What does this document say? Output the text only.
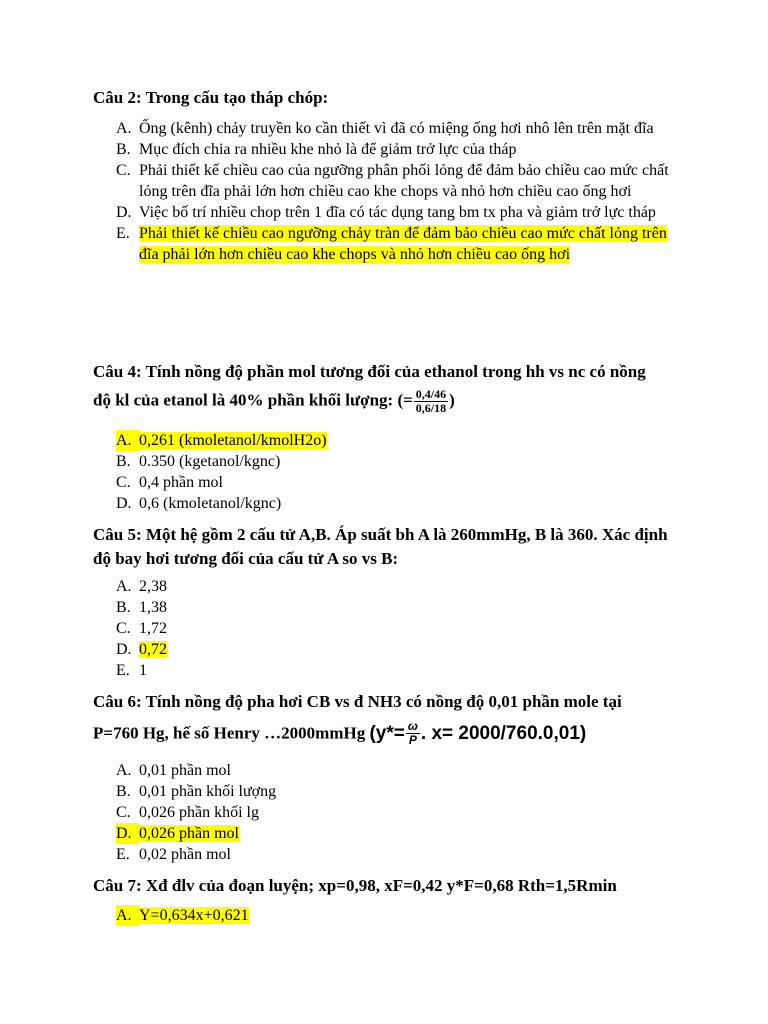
Câu 2: Trong cấu tạo tháp chóp:
A. Ống (kênh) chảy truyền ko cần thiết vì đã có miệng ống hơi nhô lên trên mặt đĩa
B. Mục đích chia ra nhiều khe nhỏ là để giảm trở lực của tháp
C. Phải thiết kế chiều cao của ngưỡng phân phối lỏng để đảm bảo chiều cao mức chất lỏng trên đĩa phải lớn hơn chiều cao khe chops và nhỏ hơn chiều cao ống hơi
D. Việc bố trí nhiều chop trên 1 đĩa có tác dụng tang bm tx pha và giảm trở lực tháp
E. Phải thiết kế chiều cao ngưỡng chảy tràn để đảm bảo chiều cao mức chất lỏng trên đĩa phải lớn hơn chiều cao khe chops và nhỏ hơn chiều cao ống hơi
Câu 4: Tính nồng độ phần mol tương đối của ethanol trong hh vs nc có nồng
độ kl của etanol là 40% phần khối lượng: (= $\frac{0,4/46}{0,6/18}$ )
A. 0,261 (kmoletanol/kmolH2o)
B. 0.350 (kgetanol/kgnc)
C. 0,4 phần mol
D. 0,6 (kmoletanol/kgnc)
Câu 5: Một hệ gồm 2 cấu tử A,B. Áp suất bh A là 260mmHg, B là 360. Xác định độ bay hơi tương đối của cấu tử A so vs B:
A. 2,38
B. 1,38
C. 1,72
D. 0,72
E. 1
Câu 6: Tính nồng độ pha hơi CB vs đ NH3 có nồng độ 0,01 phần mole tại
P=760 Hg, hế số Henry …2000mmHg ($y*= \frac{\omega}{P}$ . x= 2000/760.0,01)
A. 0,01 phần mol
B. 0,01 phần khối lượng
C. 0,026 phần khối lg
D. 0,026 phần mol
E. 0,02 phần mol
Câu 7: Xđ đlv của đoạn luyện; xp=0,98, xF=0,42 y*F=0,68 Rth=1,5Rmin
A. Y=0,634x+0,621
